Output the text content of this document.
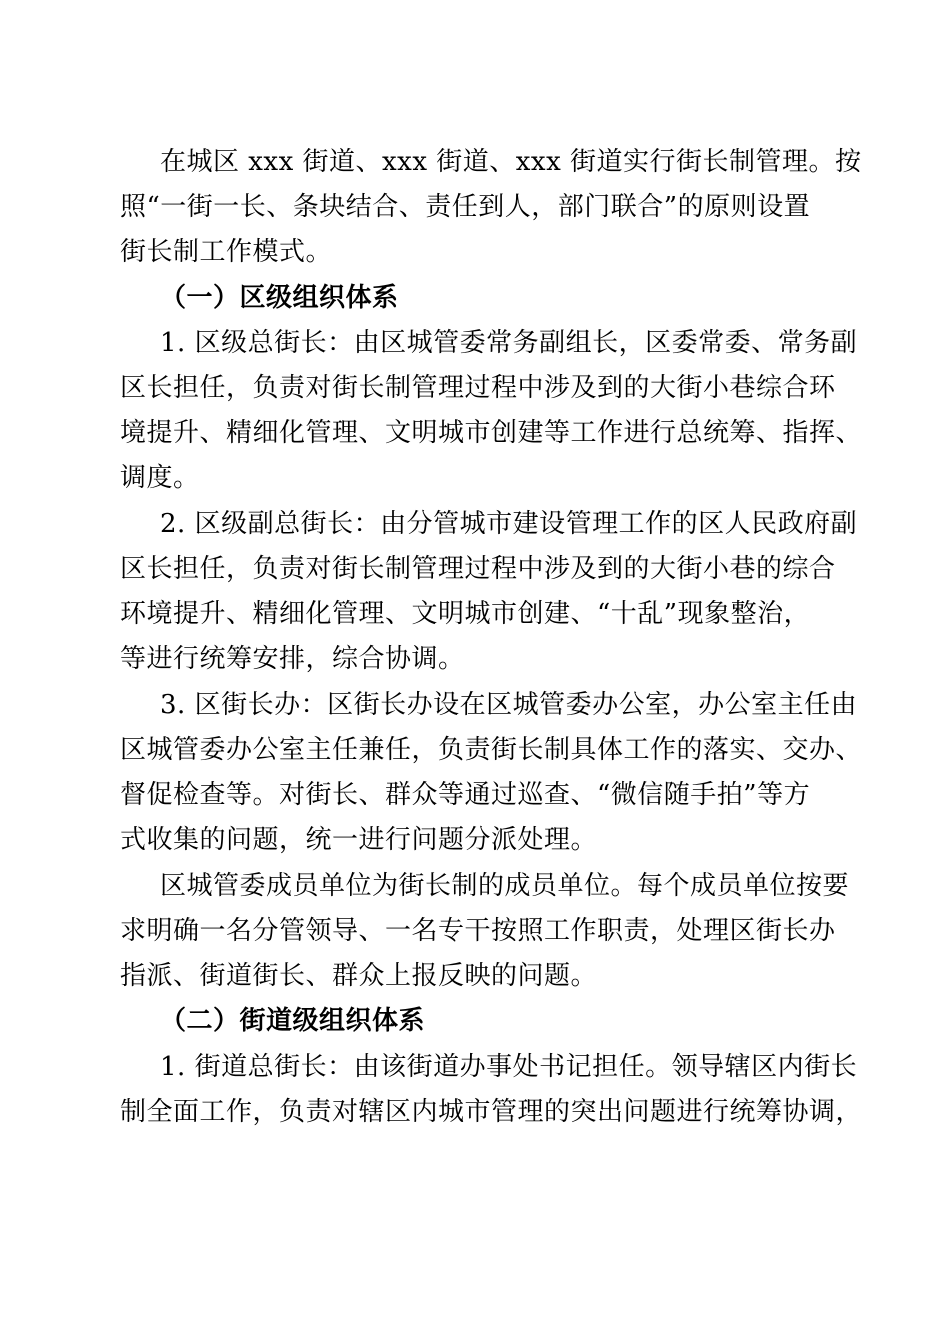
在城区 xxx 街道、xxx 街道、xxx 街道实行街长制管理。按
照“一街一长、条块结合、责任到人，部门联合”的原则设置
街长制工作模式。
（一）区级组织体系
1. 区级总街长：由区城管委常务副组长，区委常委、常务副
区长担任，负责对街长制管理过程中涉及到的大街小巷综合环
境提升、精细化管理、文明城市创建等工作进行总统筹、指挥、
调度。
2. 区级副总街长：由分管城市建设管理工作的区人民政府副
区长担任，负责对街长制管理过程中涉及到的大街小巷的综合
环境提升、精细化管理、文明城市创建、“十乱”现象整治，
等进行统筹安排，综合协调。
3. 区街长办：区街长办设在区城管委办公室，办公室主任由
区城管委办公室主任兼任，负责街长制具体工作的落实、交办、
督促检查等。对街长、群众等通过巡查、“微信随手拍”等方
式收集的问题，统一进行问题分派处理。
区城管委成员单位为街长制的成员单位。每个成员单位按要
求明确一名分管领导、一名专干按照工作职责，处理区街长办
指派、街道街长、群众上报反映的问题。
（二）街道级组织体系
1. 街道总街长：由该街道办事处书记担任。领导辖区内街长
制全面工作，负责对辖区内城市管理的突出问题进行统筹协调，
